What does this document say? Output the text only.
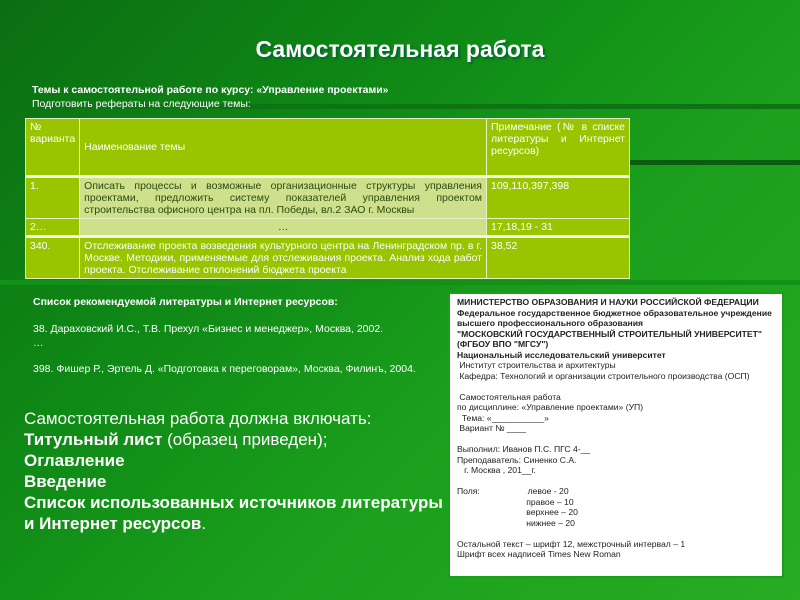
Самостоятельная работа
Темы к самостоятельной работе по курсу: «Управление проектами»
Подготовить рефераты на следующие темы:
№ варианта	Наименование темы	Примечание (№ в списке литературы и Интернет ресурсов)
1.	Описать процессы и возможные организационные структуры управления проектами, предложить систему показателей управления проектом строительства офисного центра на пл. Победы, вл.2 ЗАО г. Москвы	109,110,397,398
2…	…	17,18,19 - 31
340.	Отслеживание проекта возведения культурного центра на Ленинградском пр. в г. Москве. Методики, применяемые для отслеживания проекта. Анализ хода работ проекта. Отслеживание отклонений бюджета проекта	38,52
Список рекомендуемой литературы и Интернет ресурсов:
38. Дараховский И.С., Т.В. Прехул «Бизнес и менеджер», Москва, 2002.
…
398. Фишер Р., Эртель Д. «Подготовка к переговорам», Москва, Филинъ, 2004.
Самостоятельная работа должна включать:
Титульный лист (образец приведен);
Оглавление
Введение
Список использованных источников литературы и Интернет ресурсов.
МИНИСТЕРСТВО ОБРАЗОВАНИЯ И НАУКИ РОССИЙСКОЙ ФЕДЕРАЦИИ
Федеральное государственное бюджетное образовательное учреждение
высшего профессионального образования
"МОСКОВСКИЙ ГОСУДАРСТВЕННЫЙ СТРОИТЕЛЬНЫЙ УНИВЕРСИТЕТ"
(ФГБОУ ВПО "МГСУ")
Национальный исследовательский университет
Институт строительства и архитектуры
Кафедра: Технологий и организации строительного производства (ОСП)
Самостоятельная работа
по дисциплине: «Управление проектами» (УП)
Тема: «___________»
Вариант № ____
Выполнил: Иванов П.С. ПГС 4-__
Преподаватель: Синенко С.А.
г. Москва , 201__г.
Поля:                    левое - 20
правое – 10
верхнее – 20
нижнее – 20
Остальной текст – шрифт 12, межстрочный интервал – 1
Шрифт всех надписей Times New Roman
